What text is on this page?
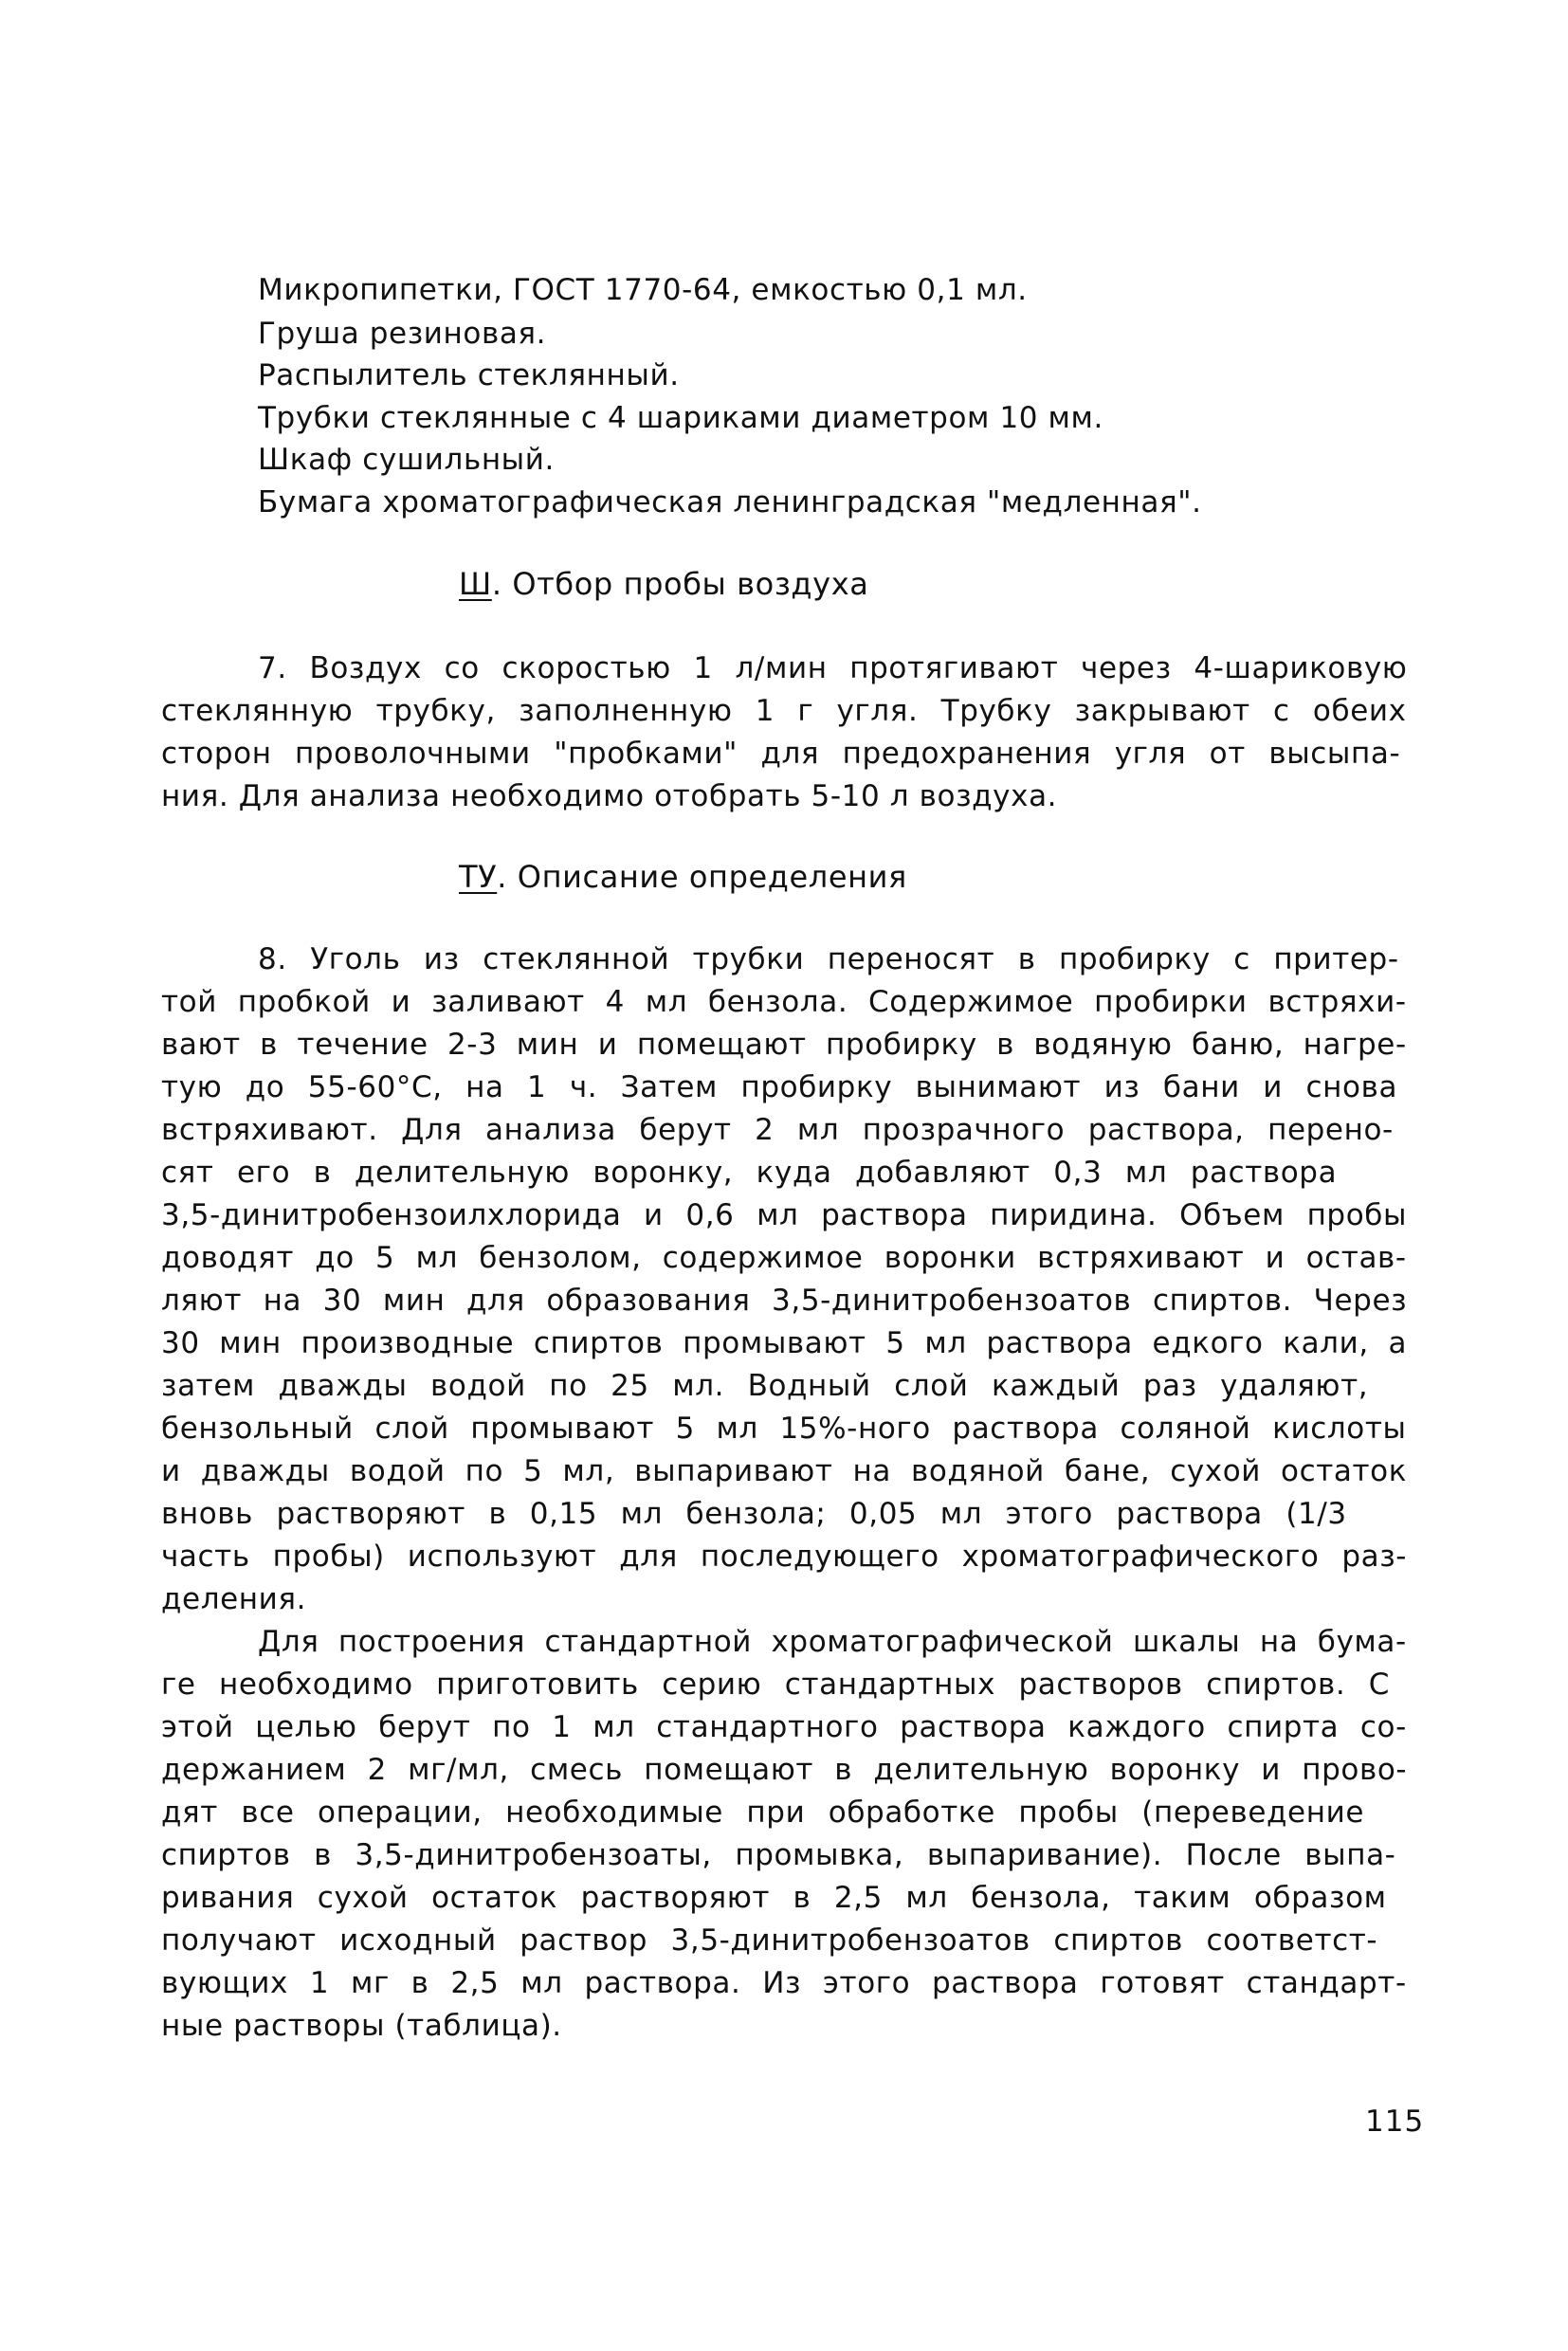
Микропипетки, ГОСТ 1770-64, емкостью 0,1 мл.

Груша резиновая.

Распылитель стеклянный.

Трубки стеклянные с 4 шариками диаметром 10 мм.

Шкаф сушильный.

Бумага хроматографическая ленинградская "медленная".

Ш. Отбор пробы воздуха

7. Воздух со скоростью 1 л/мин протягивают через 4-шариковую

стеклянную трубку, заполненную 1 г угля. Трубку закрывают с обеих

сторон проволочными "пробками" для предохранения угля от высыпа-

ния. Для анализа необходимо отобрать 5-10 л воздуха.

ТУ. Описание определения

8. Уголь из стеклянной трубки переносят в пробирку с притер-

той пробкой и заливают 4 мл бензола. Содержимое пробирки встряхи-

вают в течение 2-3 мин и помещают пробирку в водяную баню, нагре-

тую до 55-60°С, на 1 ч. Затем пробирку вынимают из бани и снова

встряхивают. Для анализа берут 2 мл прозрачного раствора, перено-

сят его в делительную воронку, куда добавляют 0,3 мл раствора

3,5-динитробензоилхлорида и 0,6 мл раствора пиридина. Объем пробы

доводят до 5 мл бензолом, содержимое воронки встряхивают и остав-

ляют на 30 мин для образования 3,5-динитробензоатов спиртов. Через

30 мин производные спиртов промывают 5 мл раствора едкого кали, а

затем дважды водой по 25 мл. Водный слой каждый раз удаляют,

бензольный слой промывают 5 мл 15%-ного раствора соляной кислоты

и дважды водой по 5 мл, выпаривают на водяной бане, сухой остаток

вновь растворяют в 0,15 мл бензола; 0,05 мл этого раствора (1/3

часть пробы) используют для последующего хроматографического раз-

деления.

Для построения стандартной хроматографической шкалы на бума-

ге необходимо приготовить серию стандартных растворов спиртов. С

этой целью берут по 1 мл стандартного раствора каждого спирта со-

держанием 2 мг/мл, смесь помещают в делительную воронку и прово-

дят все операции, необходимые при обработке пробы (переведение

спиртов в 3,5-динитробензоаты, промывка, выпаривание). После выпа-

ривания сухой остаток растворяют в 2,5 мл бензола, таким образом

получают исходный раствор 3,5-динитробензоатов спиртов соответст-

вующих 1 мг в 2,5 мл раствора. Из этого раствора готовят стандарт-

ные растворы (таблица).

115
